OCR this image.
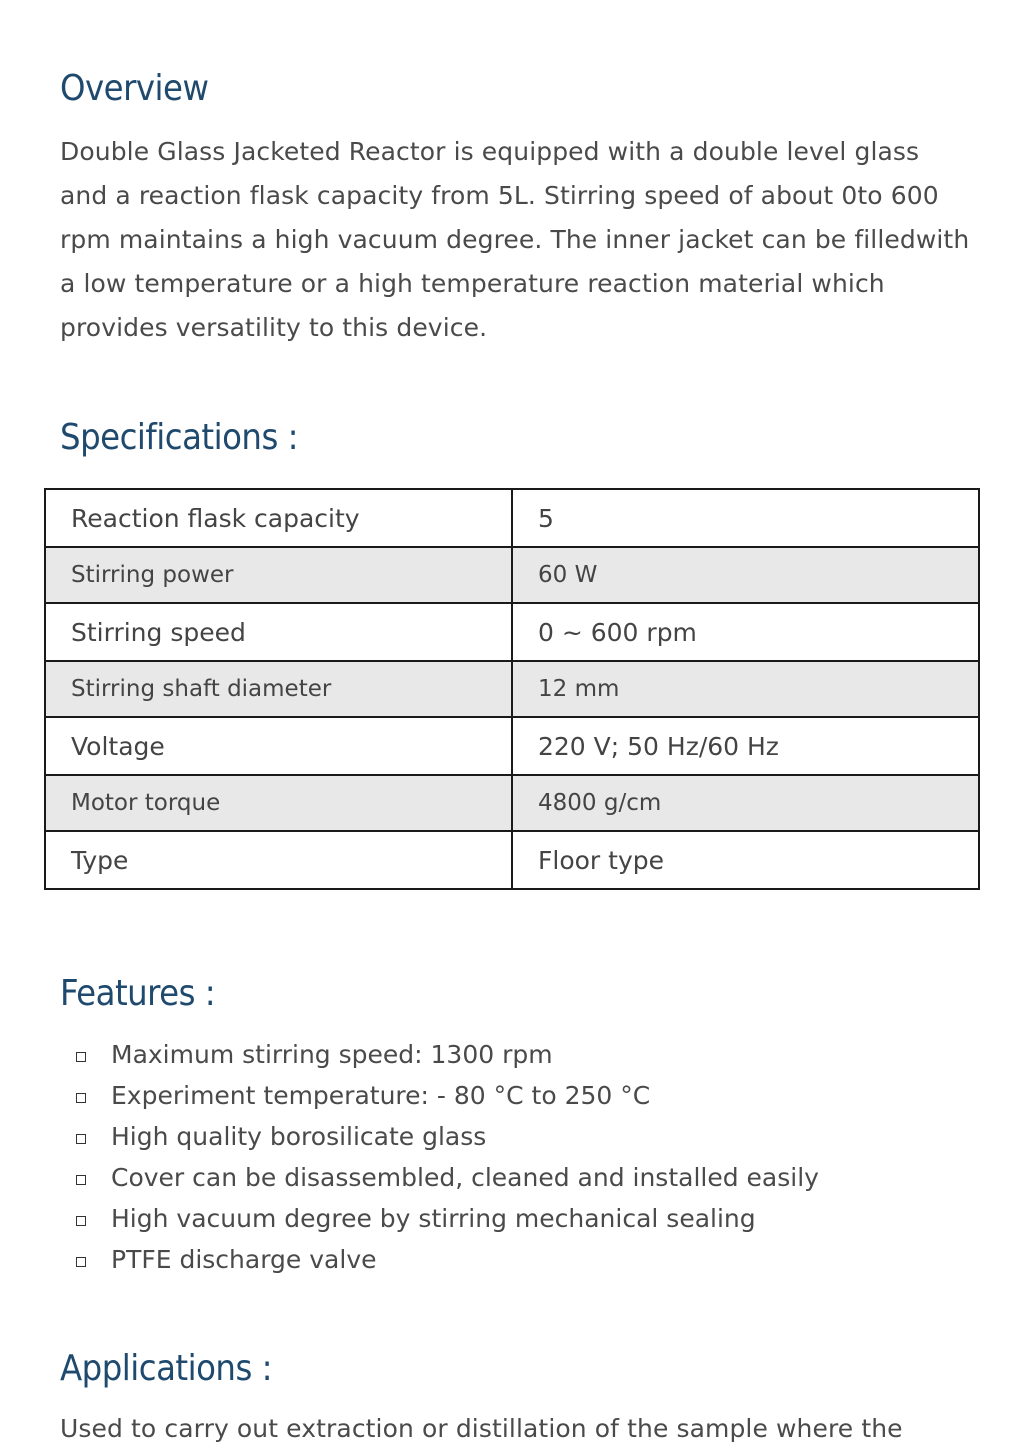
Overview

Double Glass Jacketed Reactor is equipped with a double level glass and a reaction flask capacity from 5L. Stirring speed of about 0to 600 rpm maintains a high vacuum degree. The inner jacket can be filledwith a low temperature or a high temperature reaction material which provides versatility to this device.

Specifications :
Reaction flask capacity	5
Stirring power	60 W
Stirring speed	0 ~ 600 rpm
Stirring shaft diameter	12 mm
Voltage	220 V; 50 Hz/60 Hz
Motor torque	4800 g/cm
Type	Floor type
Features :
Maximum stirring speed: 1300 rpm
Experiment temperature: - 80 °C to 250 °C
High quality borosilicate glass
Cover can be disassembled, cleaned and installed easily
High vacuum degree by stirring mechanical sealing
PTFE discharge valve
Applications :

Used to carry out extraction or distillation of the sample where the
